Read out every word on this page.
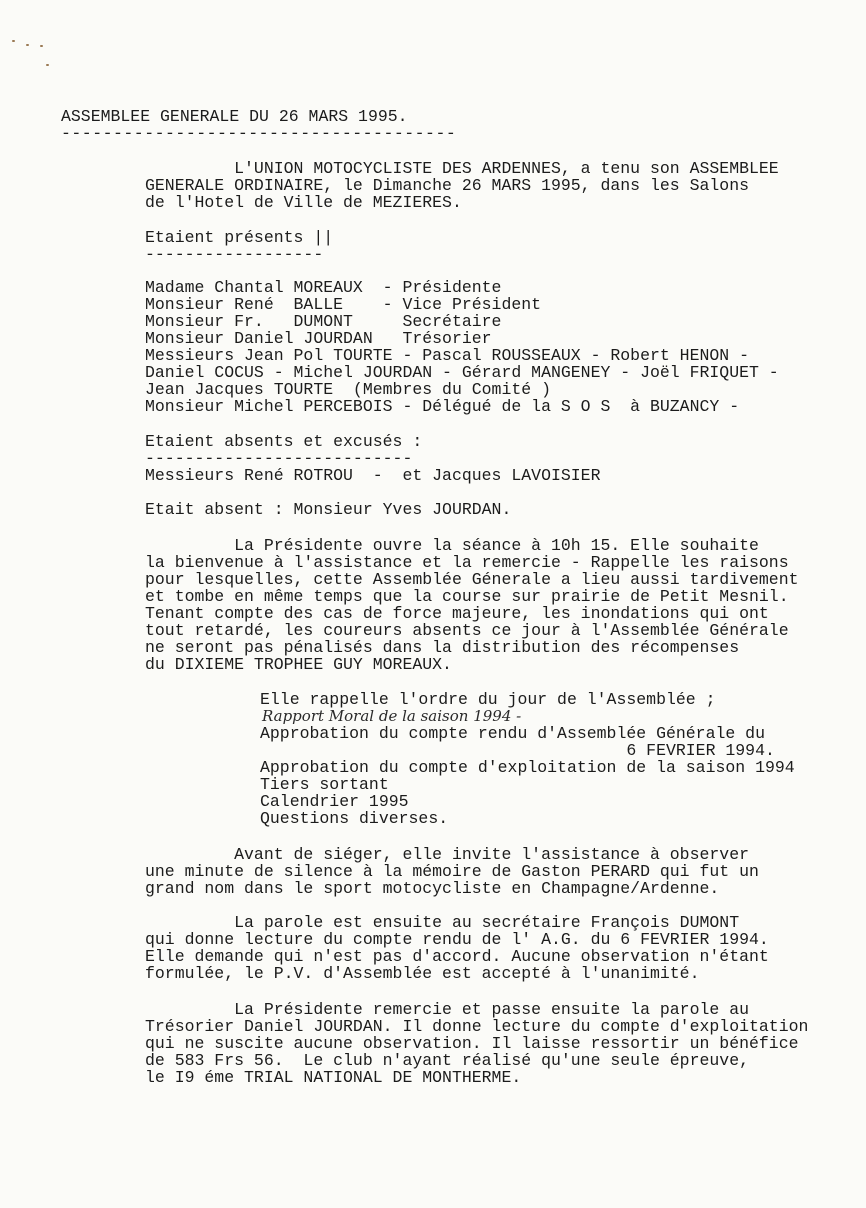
ASSEMBLEE GENERALE DU 26 MARS 1995.
--------------------------------------
L'UNION MOTOCYCLISTE DES ARDENNES, a tenu son ASSEMBLEE
GENERALE ORDINAIRE, le Dimanche 26 MARS 1995, dans les Salons
de l'Hotel de Ville de MEZIERES.
Etaient présents ||
------------------
Madame Chantal MOREAUX  - Présidente
Monsieur René  BALLE    - Vice Président
Monsieur Fr.   DUMONT     Secrétaire
Monsieur Daniel JOURDAN   Trésorier
Messieurs Jean Pol TOURTE - Pascal ROUSSEAUX - Robert HENON -
Daniel COCUS - Michel JOURDAN - Gérard MANGENEY - Joël FRIQUET -
Jean Jacques TOURTE  (Membres du Comité )
Monsieur Michel PERCEBOIS - Délégué de la S O S  à BUZANCY -
Etaient absents et excusés :
---------------------------
Messieurs René ROTROU  -  et Jacques LAVOISIER
Etait absent : Monsieur Yves JOURDAN.
La Présidente ouvre la séance à 10h 15. Elle souhaite
la bienvenue à l'assistance et la remercie - Rappelle les raisons
pour lesquelles, cette Assemblée Génerale a lieu aussi tardivement
et tombe en même temps que la course sur prairie de Petit Mesnil.
Tenant compte des cas de force majeure, les inondations qui ont
tout retardé, les coureurs absents ce jour à l'Assemblée Générale
ne seront pas pénalisés dans la distribution des récompenses
du DIXIEME TROPHEE GUY MOREAUX.
Elle rappelle l'ordre du jour de l'Assemblée ;
Rapport Moral de la saison 1994 -
Approbation du compte rendu d'Assemblée Générale du
6 FEVRIER 1994.
Approbation du compte d'exploitation de la saison 1994
Tiers sortant
Calendrier 1995
Questions diverses.
Avant de siéger, elle invite l'assistance à observer
une minute de silence à la mémoire de Gaston PERARD qui fut un
grand nom dans le sport motocycliste en Champagne/Ardenne.
La parole est ensuite au secrétaire François DUMONT
qui donne lecture du compte rendu de l' A.G. du 6 FEVRIER 1994.
Elle demande qui n'est pas d'accord. Aucune observation n'étant
formulée, le P.V. d'Assemblée est accepté à l'unanimité.
La Présidente remercie et passe ensuite la parole au
Trésorier Daniel JOURDAN. Il donne lecture du compte d'exploitation
qui ne suscite aucune observation. Il laisse ressortir un bénéfice
de 583 Frs 56.  Le club n'ayant réalisé qu'une seule épreuve,
le I9 éme TRIAL NATIONAL DE MONTHERME.
